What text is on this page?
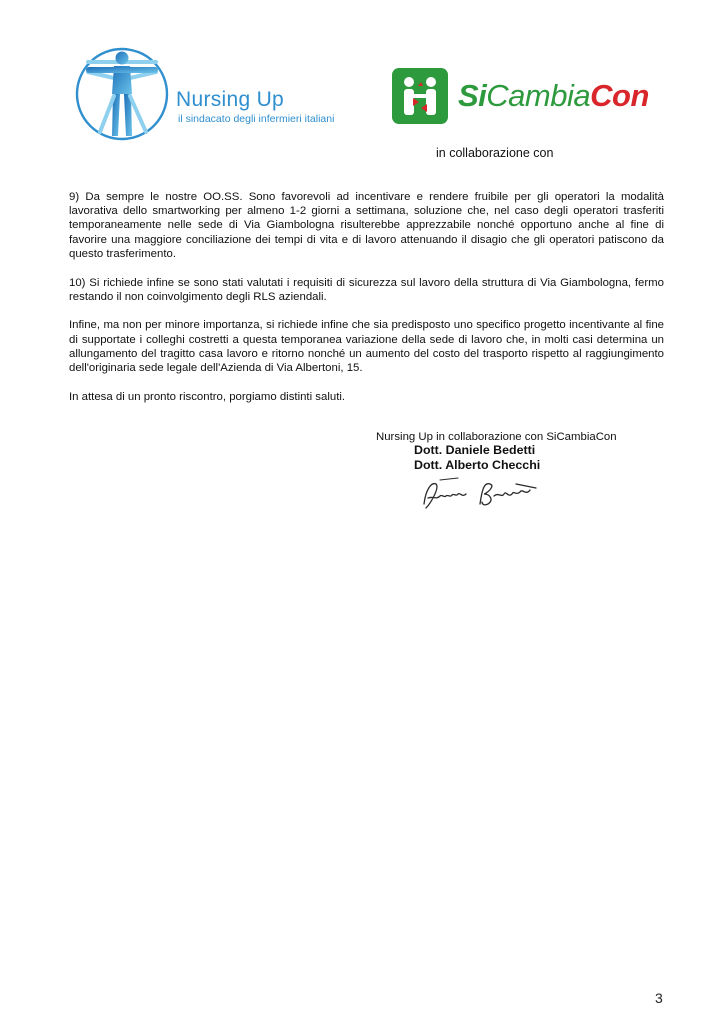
Nursing Up
il sindacato degli infermieri italiani
SiCambiaCon
in collaborazione con

9) Da sempre le nostre OO.SS. Sono favorevoli ad incentivare e rendere fruibile per gli operatori la modalità lavorativa dello smartworking per almeno 1-2 giorni a settimana, soluzione che, nel caso degli operatori trasferiti temporaneamente nelle sede di Via Giambologna risulterebbe apprezzabile nonché opportuno anche al fine di favorire una maggiore conciliazione dei tempi di vita e di lavoro attenuando il disagio che gli operatori patiscono da questo trasferimento.

10) Si richiede infine se sono stati valutati i requisiti di sicurezza sul lavoro della struttura di Via Giambologna, fermo restando il non coinvolgimento degli RLS aziendali.

Infine, ma non per minore importanza, si richiede infine che sia predisposto uno specifico progetto incentivante al fine di supportate i colleghi costretti a questa temporanea variazione della sede di lavoro che, in molti casi determina un allungamento del tragitto casa lavoro e ritorno nonché un aumento del costo del trasporto rispetto al raggiungimento dell'originaria sede legale dell'Azienda di Via Albertoni, 15.

In attesa di un pronto riscontro, porgiamo distinti saluti.

Nursing Up in collaborazione con SiCambiaCon
Dott. Daniele Bedetti
Dott. Alberto Checchi
3
